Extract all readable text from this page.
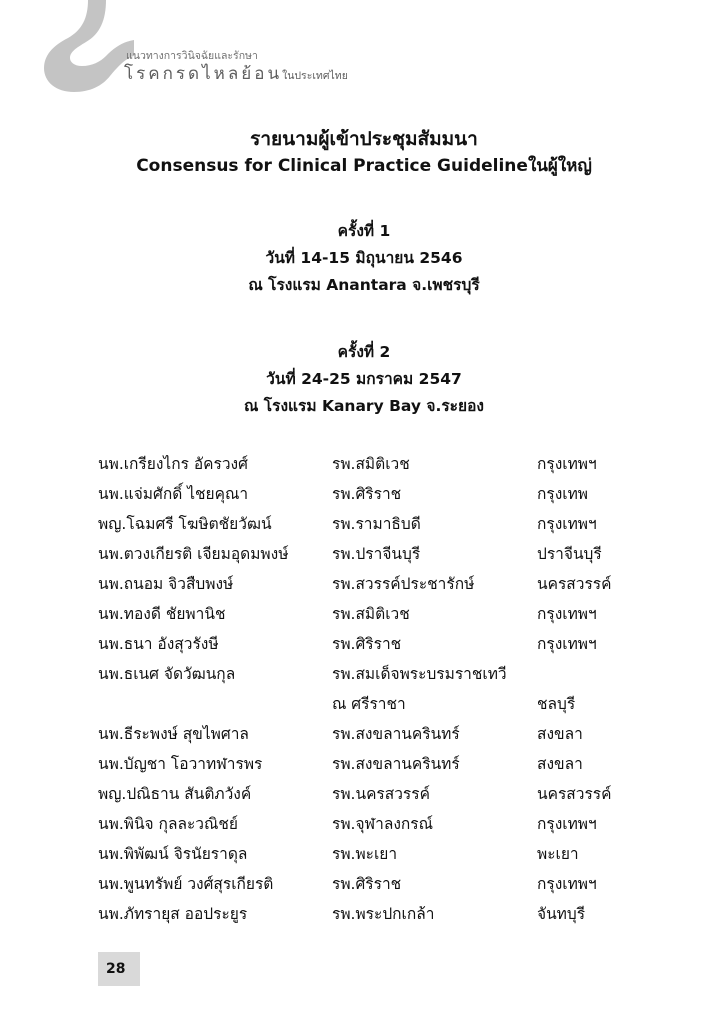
แนวทางการวินิจฉัยและรักษา
โรคกรดไหลย้อนในประเทศไทย
รายนามผู้เข้าประชุมสัมมนา
Consensus for Clinical Practice Guidelineในผู้ใหญ่
ครั้งที่ 1
วันที่ 14-15 มิถุนายน 2546
ณ โรงแรม Anantara จ.เพชรบุรี
ครั้งที่ 2
วันที่ 24-25 มกราคม 2547
ณ โรงแรม Kanary Bay จ.ระยอง
นพ.เกรียงไกร อัครวงศ์	รพ.สมิติเวช	กรุงเทพฯ
นพ.แจ่มศักดิ์ ไชยคุณา	รพ.ศิริราช	กรุงเทพ
พญ.โฉมศรี โฆษิตชัยวัฒน์	รพ.รามาธิบดี	กรุงเทพฯ
นพ.ตวงเกียรติ เจียมอุดมพงษ์	รพ.ปราจีนบุรี	ปราจีนบุรี
นพ.ถนอม จิวสืบพงษ์	รพ.สวรรค์ประชารักษ์	นครสวรรค์
นพ.ทองดี ชัยพานิช	รพ.สมิติเวช	กรุงเทพฯ
นพ.ธนา อังสุวรังษี	รพ.ศิริราช	กรุงเทพฯ
นพ.ธเนศ จัดวัฒนกุล	รพ.สมเด็จพระบรมราชเทวี
ณ ศรีราชา	ชลบุรี
นพ.ธีระพงษ์ สุขไพศาล	รพ.สงขลานครินทร์	สงขลา
นพ.บัญชา โอวาทฬารพร	รพ.สงขลานครินทร์	สงขลา
พญ.ปณิธาน สันติภวังค์	รพ.นครสวรรค์	นครสวรรค์
นพ.พินิจ กุลละวณิชย์	รพ.จุฬาลงกรณ์	กรุงเทพฯ
นพ.พิพัฒน์ จิรนัยราดุล	รพ.พะเยา	พะเยา
นพ.พูนทรัพย์ วงศ์สุรเกียรติ	รพ.ศิริราช	กรุงเทพฯ
นพ.ภัทรายุส ออประยูร	รพ.พระปกเกล้า	จันทบุรี
28
